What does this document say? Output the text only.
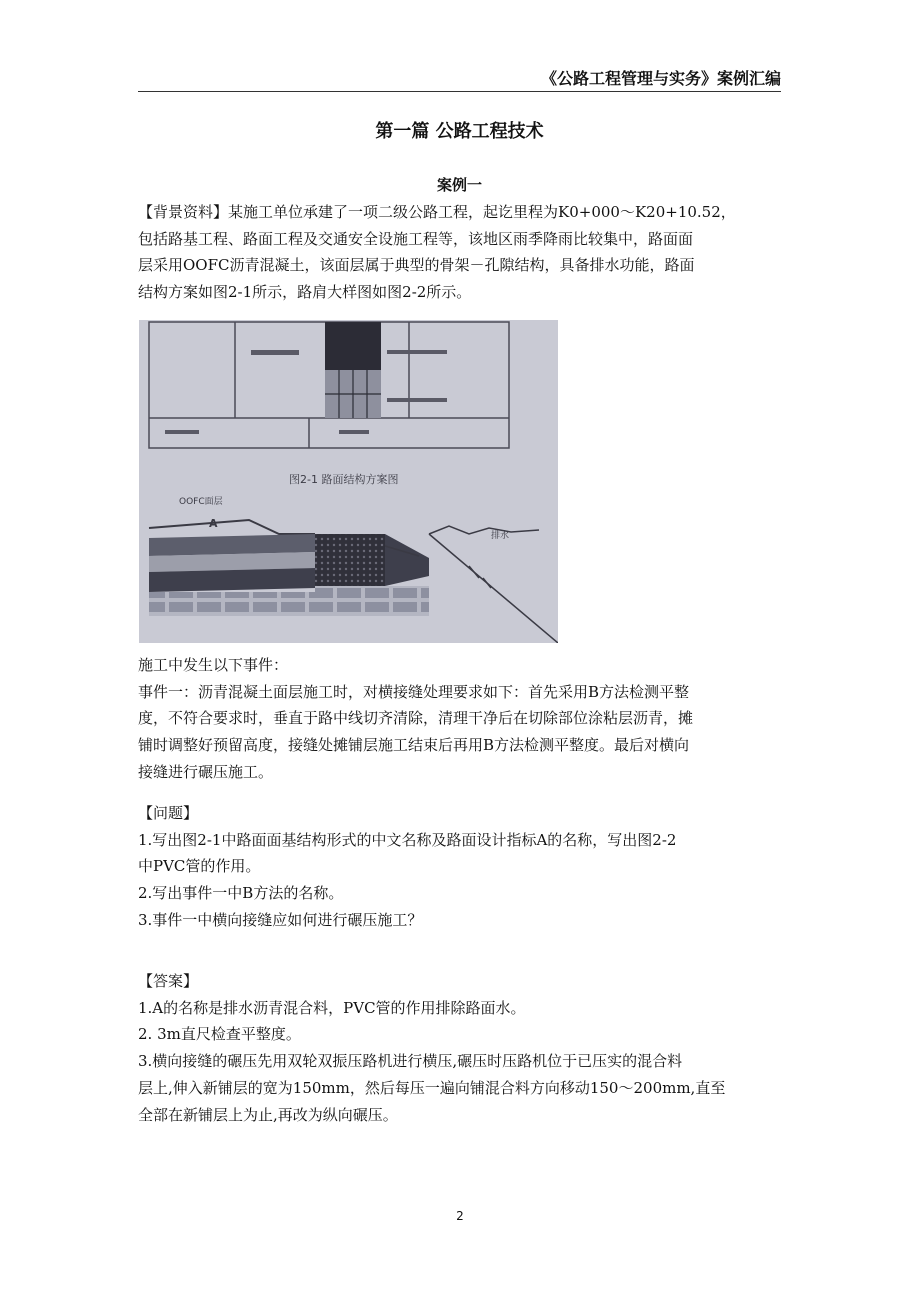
《公路工程管理与实务》案例汇编
第一篇 公路工程技术
案例一
【背景资料】某施工单位承建了一项二级公路工程，起讫里程为K0+000～K20+10.52，
包括路基工程、路面工程及交通安全设施工程等，该地区雨季降雨比较集中，路面面
层采用OOFC沥青混凝土，该面层属于典型的骨架－孔隙结构，具备排水功能，路面
结构方案如图2-1所示，路肩大样图如图2-2所示。
图2-1 路面结构方案图
OOFC面层
A
排水
施工中发生以下事件：
事件一：沥青混凝土面层施工时，对横接缝处理要求如下：首先采用B方法检测平整
度，不符合要求时，垂直于路中线切齐清除，清理干净后在切除部位涂粘层沥青，摊
铺时调整好预留高度，接缝处摊铺层施工结束后再用B方法检测平整度。最后对横向
接缝进行碾压施工。
【问题】
1.写出图2-1中路面面基结构形式的中文名称及路面设计指标A的名称，写出图2-2
中PVC管的作用。
2.写出事件一中B方法的名称。
3.事件一中横向接缝应如何进行碾压施工？
【答案】
1.A的名称是排水沥青混合料，PVC管的作用排除路面水。
2. 3m直尺检查平整度。
3.横向接缝的碾压先用双轮双振压路机进行横压,碾压时压路机位于已压实的混合料
层上,伸入新铺层的宽为150mm，然后每压一遍向铺混合料方向移动150～200mm,直至
全部在新铺层上为止,再改为纵向碾压。
2
